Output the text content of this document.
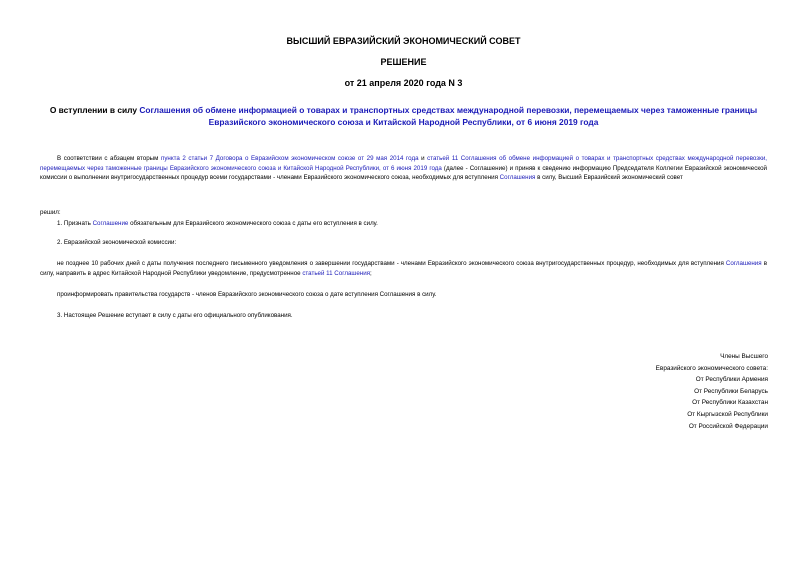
ВЫСШИЙ ЕВРАЗИЙСКИЙ ЭКОНОМИЧЕСКИЙ СОВЕТ
РЕШЕНИЕ
от 21 апреля 2020 года N 3
О вступлении в силу Соглашения об обмене информацией о товарах и транспортных средствах международной перевозки, перемещаемых через таможенные границы Евразийского экономического союза и Китайской Народной Республики, от 6 июня 2019 года
В соответствии с абзацем вторым пункта 2 статьи 7 Договора о Евразийском экономическом союзе от 29 мая 2014 года и статьей 11 Соглашения об обмене информацией о товарах и транспортных средствах международной перевозки, перемещаемых через таможенные границы Евразийского экономического союза и Китайской Народной Республики, от 6 июня 2019 года (далее - Соглашение) и приняв к сведению информацию Председателя Коллегии Евразийской экономической комиссии о выполнении внутригосударственных процедур всеми государствами - членами Евразийского экономического союза, необходимых для вступления Соглашения в силу, Высший Евразийский экономический совет
решил:
1. Признать Соглашение обязательным для Евразийского экономического союза с даты его вступления в силу.
2. Евразийской экономической комиссии:
не позднее 10 рабочих дней с даты получения последнего письменного уведомления о завершении государствами - членами Евразийского экономического союза внутригосударственных процедур, необходимых для вступления Соглашения в силу, направить в адрес Китайской Народной Республики уведомление, предусмотренное статьей 11 Соглашения;
проинформировать правительства государств - членов Евразийского экономического союза о дате вступления Соглашения в силу.
3. Настоящее Решение вступает в силу с даты его официального опубликования.
Члены Высшего
Евразийского экономического совета:
От Республики Армения
От Республики Беларусь
От Республики Казахстан
От Кыргызской Республики
От Российской Федерации
